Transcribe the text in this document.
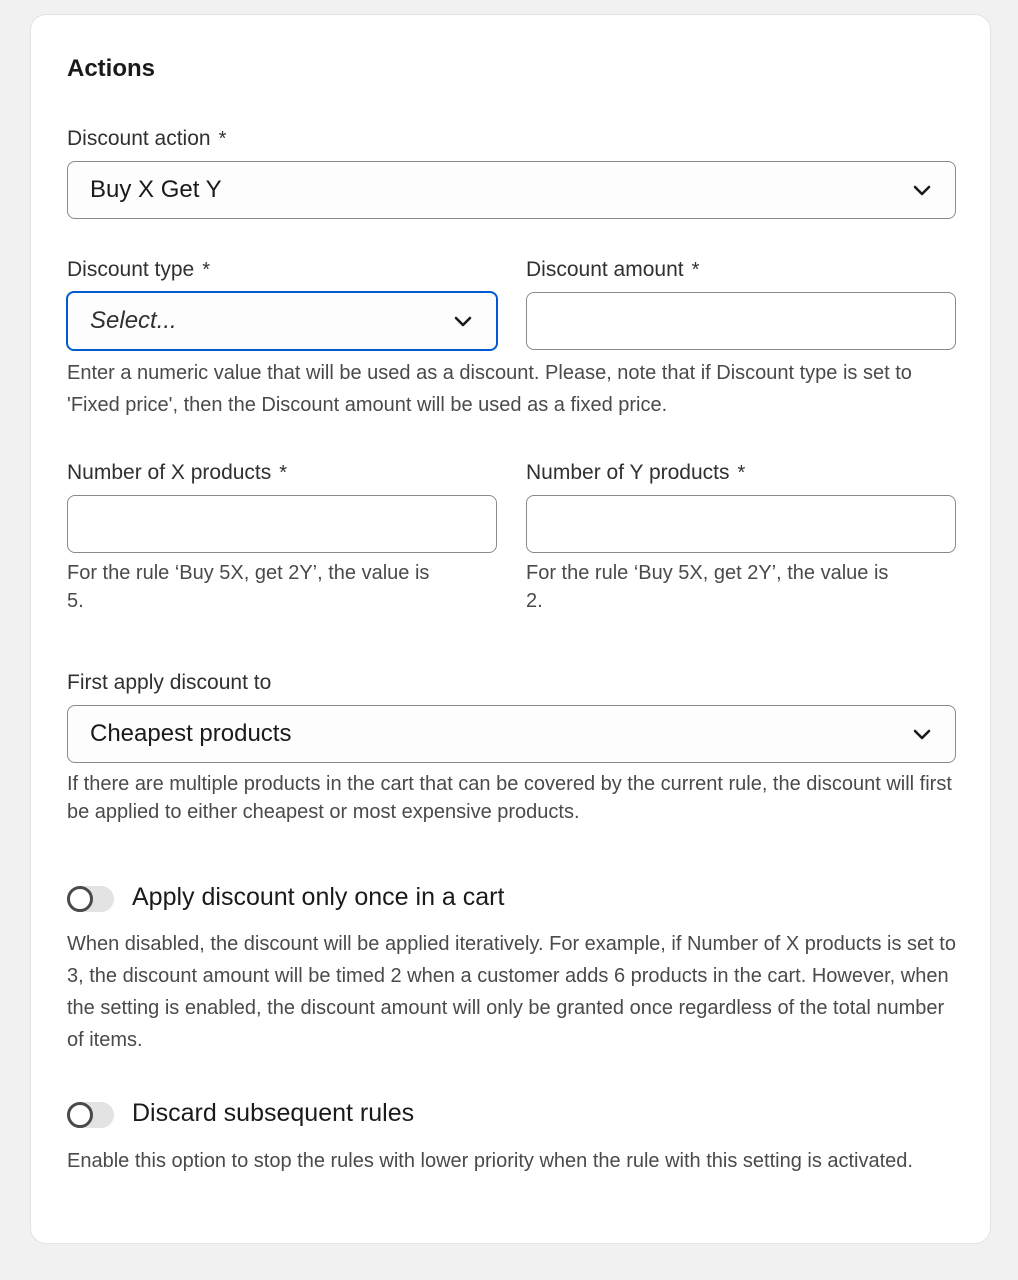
Actions
Discount action *
Buy X Get Y
Discount type *
Select...
Discount amount *
Enter a numeric value that will be used as a discount. Please, note that if Discount type is set to 'Fixed price', then the Discount amount will be used as a fixed price.
Number of X products *
For the rule ‘Buy 5X, get 2Y’, the value is
5.
Number of Y products *
For the rule ‘Buy 5X, get 2Y’, the value is
2.
First apply discount to
Cheapest products
If there are multiple products in the cart that can be covered by the current rule, the discount will first be applied to either cheapest or most expensive products.
Apply discount only once in a cart
When disabled, the discount will be applied iteratively. For example, if Number of X products is set to 3, the discount amount will be timed 2 when a customer adds 6 products in the cart. However, when the setting is enabled, the discount amount will only be granted once regardless of the total number of items.
Discard subsequent rules
Enable this option to stop the rules with lower priority when the rule with this setting is activated.
